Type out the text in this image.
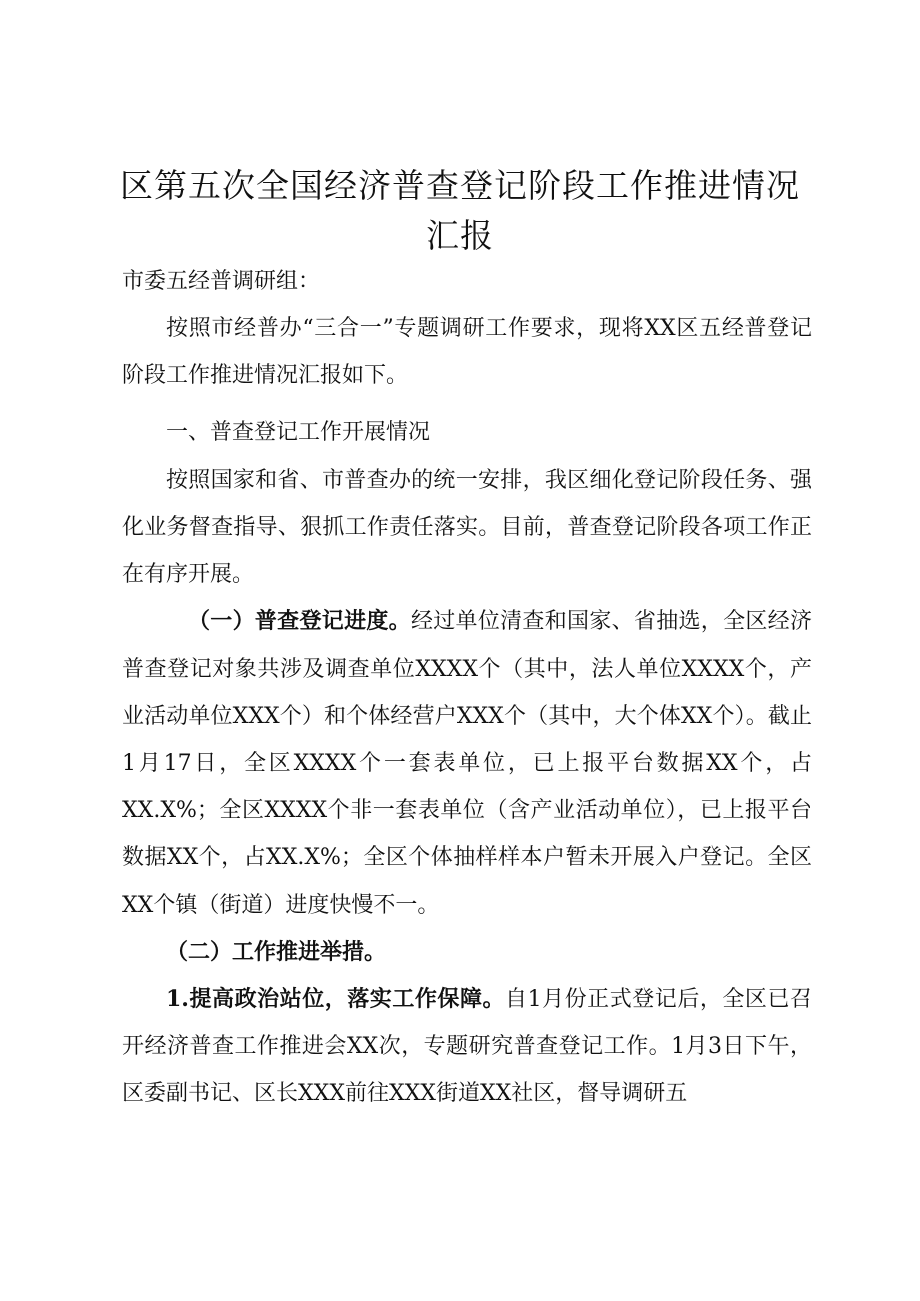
区第五次全国经济普查登记阶段工作推进情况
汇报

市委五经普调研组：

按照市经普办“三合一”专题调研工作要求，现将XX区五经普登记阶段工作推进情况汇报如下。

一、普查登记工作开展情况

按照国家和省、市普查办的统一安排，我区细化登记阶段任务、强化业务督查指导、狠抓工作责任落实。目前，普查登记阶段各项工作正在有序开展。

（一）普查登记进度。经过单位清查和国家、省抽选，全区经济普查登记对象共涉及调查单位XXXX个（其中，法人单位XXXX个，产业活动单位XXX个）和个体经营户XXX个（其中，大个体XX个）。截止1月17日，全区XXXX个一套表单位，已上报平台数据XX个，占XX.X%；全区XXXX个非一套表单位（含产业活动单位），已上报平台数据XX个，占XX.X%；全区个体抽样样本户暂未开展入户登记。全区XX个镇（街道）进度快慢不一。

（二）工作推进举措。

1.提高政治站位，落实工作保障。自1月份正式登记后，全区已召开经济普查工作推进会XX次，专题研究普查登记工作。1月3日下午，区委副书记、区长XXX前往XXX街道XX社区，督导调研五
